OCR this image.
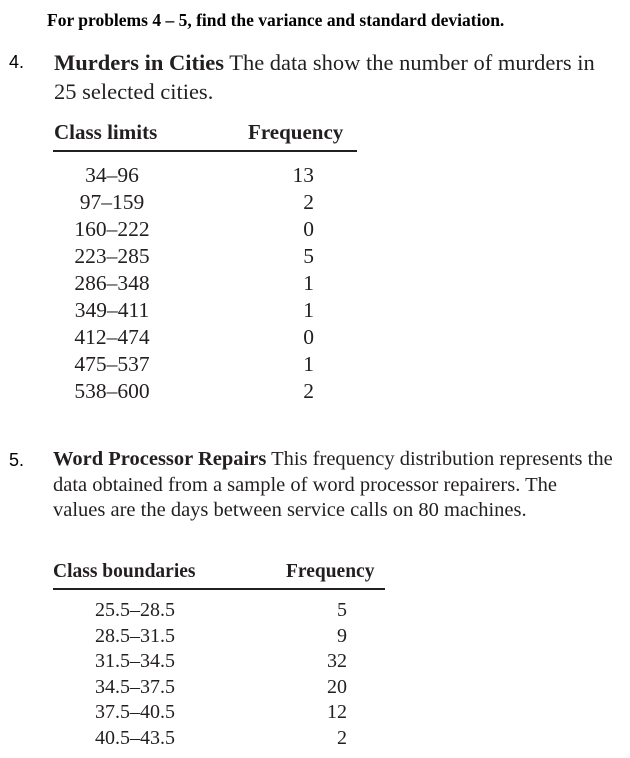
For problems 4 – 5, find the variance and standard deviation.
4. Murders in Cities The data show the number of murders in 25 selected cities.
Class limits	Frequency
34–96
97–159
160–222
223–285
286–348
349–411
412–474
475–537
538–600
13
2
0
5
1
1
0
1
2
5. Word Processor Repairs This frequency distribution represents the data obtained from a sample of word processor repairers. The values are the days between service calls on 80 machines.
Class boundaries	Frequency
25.5–28.5
28.5–31.5
31.5–34.5
34.5–37.5
37.5–40.5
40.5–43.5
5
9
32
20
12
2
